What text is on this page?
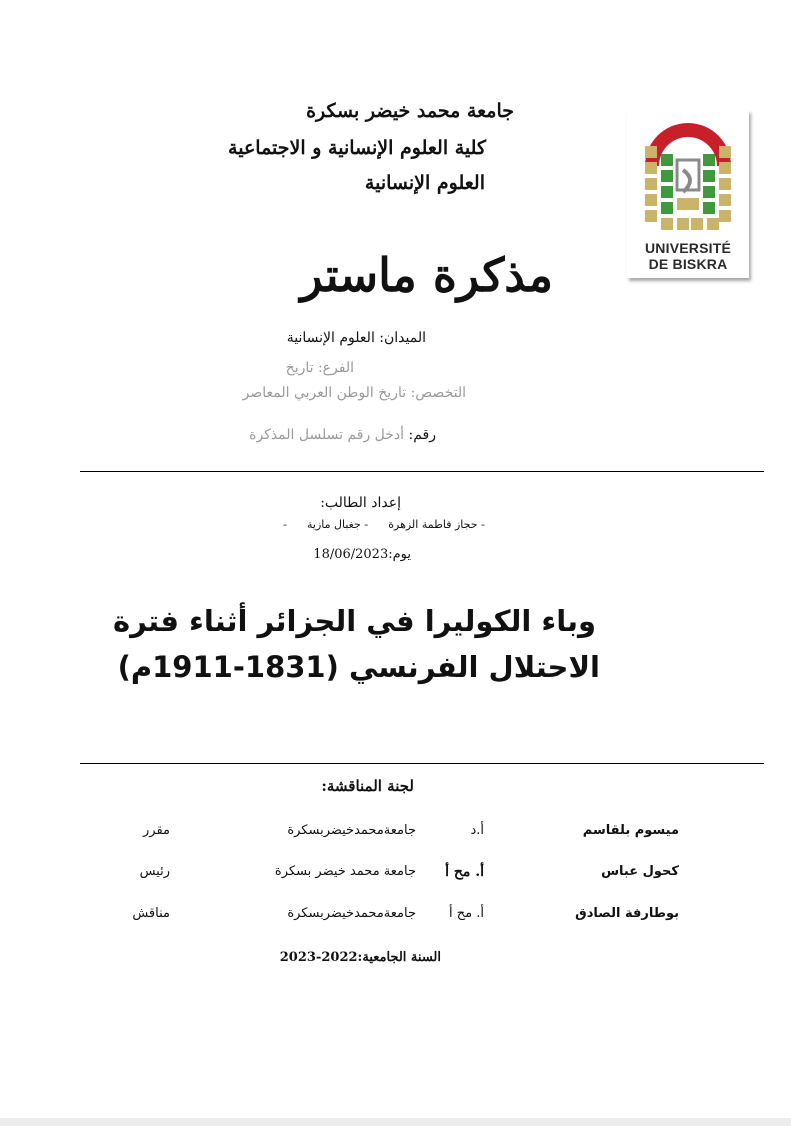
جامعة محمد خيضر بسكرة
كلية العلوم الإنسانية و الاجتماعية
العلوم الإنسانية
UNIVERSITÉ
DE BISKRA
مذكرة ماستر
الميدان: العلوم الإنسانية
الفرع: تاريخ
التخصص: تاريخ الوطن العربي المعاصر
رقم: أدخل رقم تسلسل المذكرة
إعداد الطالب:
- حجاز فاطمة الزهرة- جغبال مازية-
يوم:18/06/2023
وباء الكوليرا في الجزائر أثناء فترة
الاحتلال الفرنسي (1831-1911م)
لجنة المناقشة:
ميسوم بلقاسم
أ.د
جامعةمحمدخيضربسكرة
مقرر
كحول عباس
أ. مح أ
جامعة محمد خيضر بسكرة
رئيس
بوطارفة الصادق
أ. مح أ
جامعةمحمدخيضربسكرة
مناقش
السنة الجامعية:2022-2023
